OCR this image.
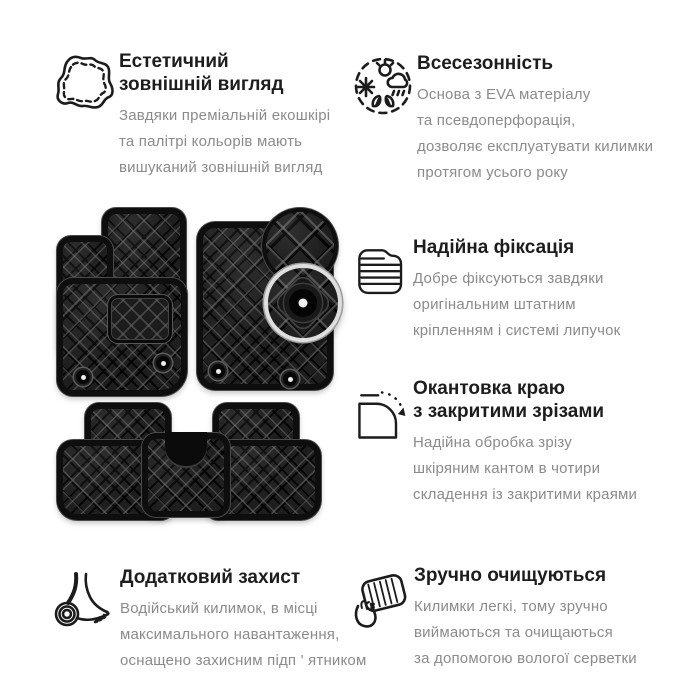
Естетичний
зовнішній вигляд
Завдяки преміальній екошкірі
та палітрі кольорів мають
вишуканий зовнішній вигляд
Всесезонність
Основа з EVA матеріалу
та псевдоперфорація,
дозволяє експлуатувати килимки
протягом усього року
Надійна фіксація
Добре фіксуються завдяки
оригінальним штатним
кріпленням і системі липучок
Окантовка краю
з закритими зрізами
Надійна обробка зрізу
шкіряним кантом в чотири
складення із закритими краями
Додатковий захист
Водійський килимок, в місці
максимального навантаження,
оснащено захисним підп ' ятником
Зручно очищуються
Килимки легкі, тому зручно
виймаються та очищаються
за допомогою вологої серветки
